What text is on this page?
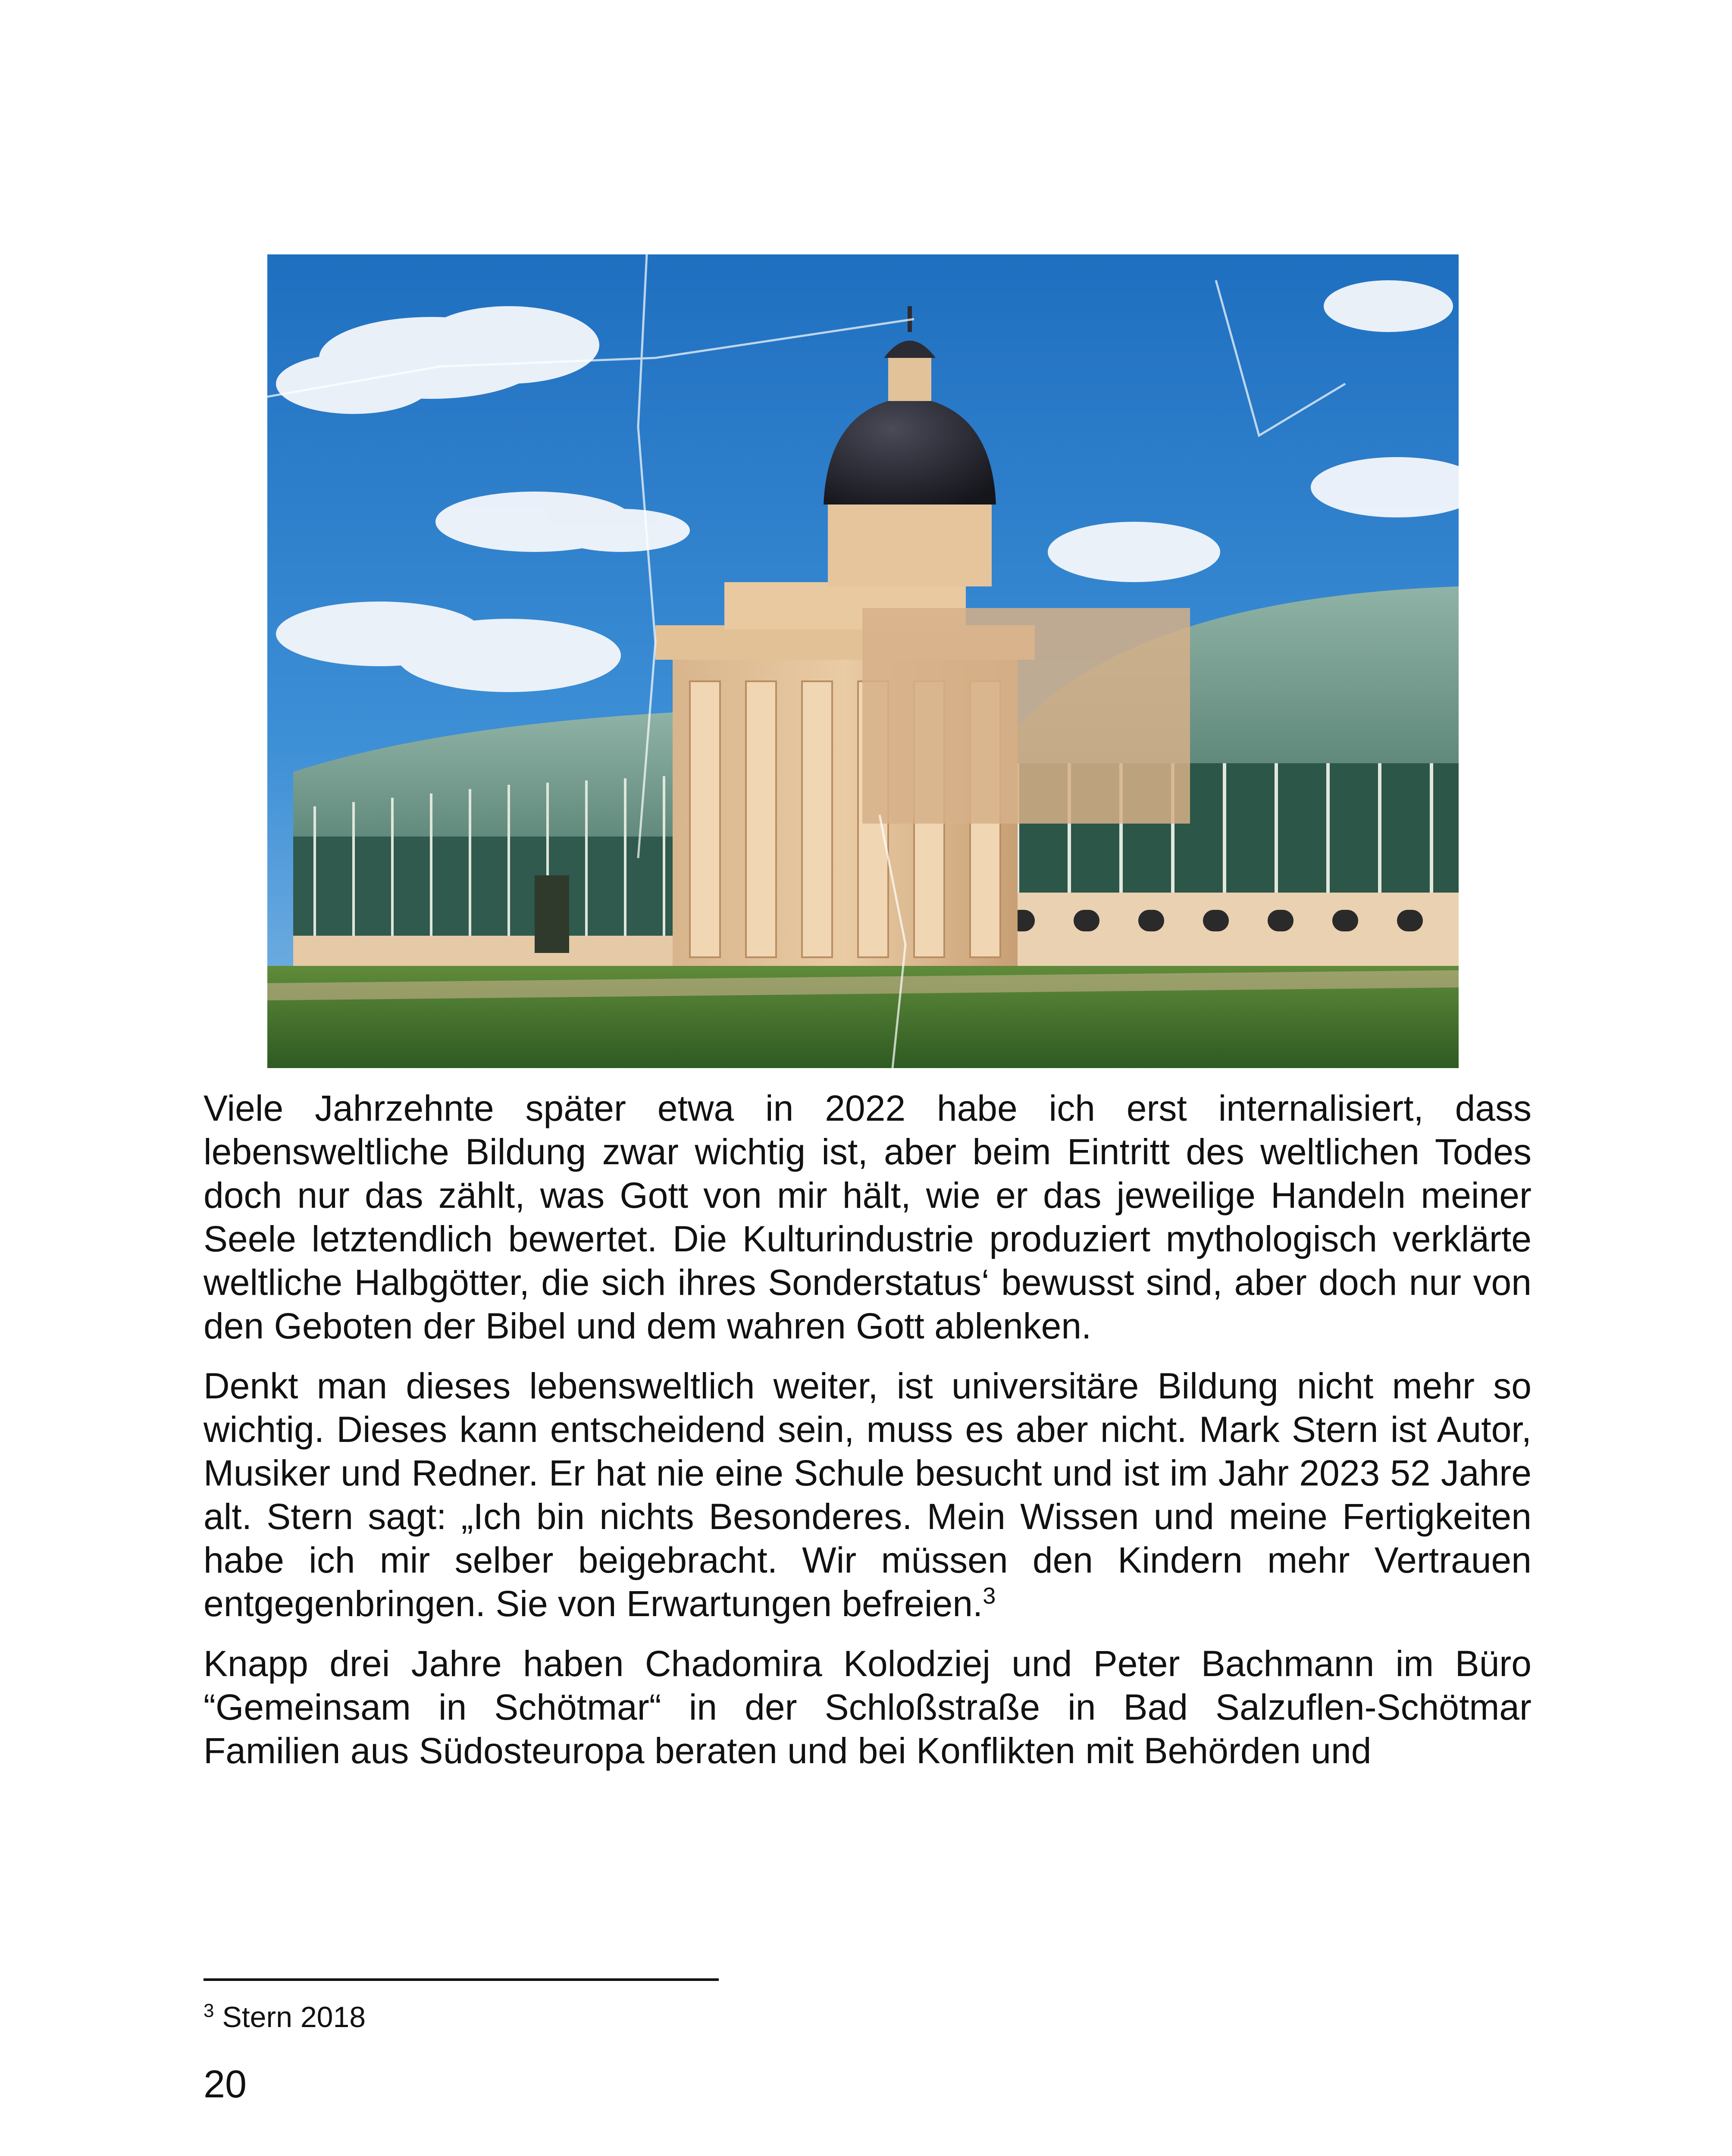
Viele Jahrzehnte später etwa in 2022 habe ich erst internalisiert, dass lebensweltliche Bildung zwar wichtig ist, aber beim Eintritt des weltlichen Todes doch nur das zählt, was Gott von mir hält, wie er das jeweilige Handeln meiner Seele letztendlich bewertet. Die Kulturindustrie produziert mythologisch verklärte weltliche Halbgötter, die sich ihres Sonderstatus‘ bewusst sind, aber doch nur von den Geboten der Bibel und dem wahren Gott ablenken.

Denkt man dieses lebensweltlich weiter, ist universitäre Bildung nicht mehr so wichtig. Dieses kann entscheidend sein, muss es aber nicht. Mark Stern ist Autor, Musiker und Redner. Er hat nie eine Schule besucht und ist im Jahr 2023 52 Jahre alt. Stern sagt: „Ich bin nichts Besonderes. Mein Wissen und meine Fertigkeiten habe ich mir selber beigebracht. Wir müssen den Kindern mehr Vertrauen entgegenbringen. Sie von Erwartungen befreien.$^3$

Knapp drei Jahre haben Chadomira Kolodziej und Peter Bachmann im Büro “Gemeinsam in Schötmar“ in der Schloßstraße in Bad Salzuflen-Schötmar Familien aus Südosteuropa beraten und bei Konflikten mit Behörden und

$^3$ Stern 2018
20
